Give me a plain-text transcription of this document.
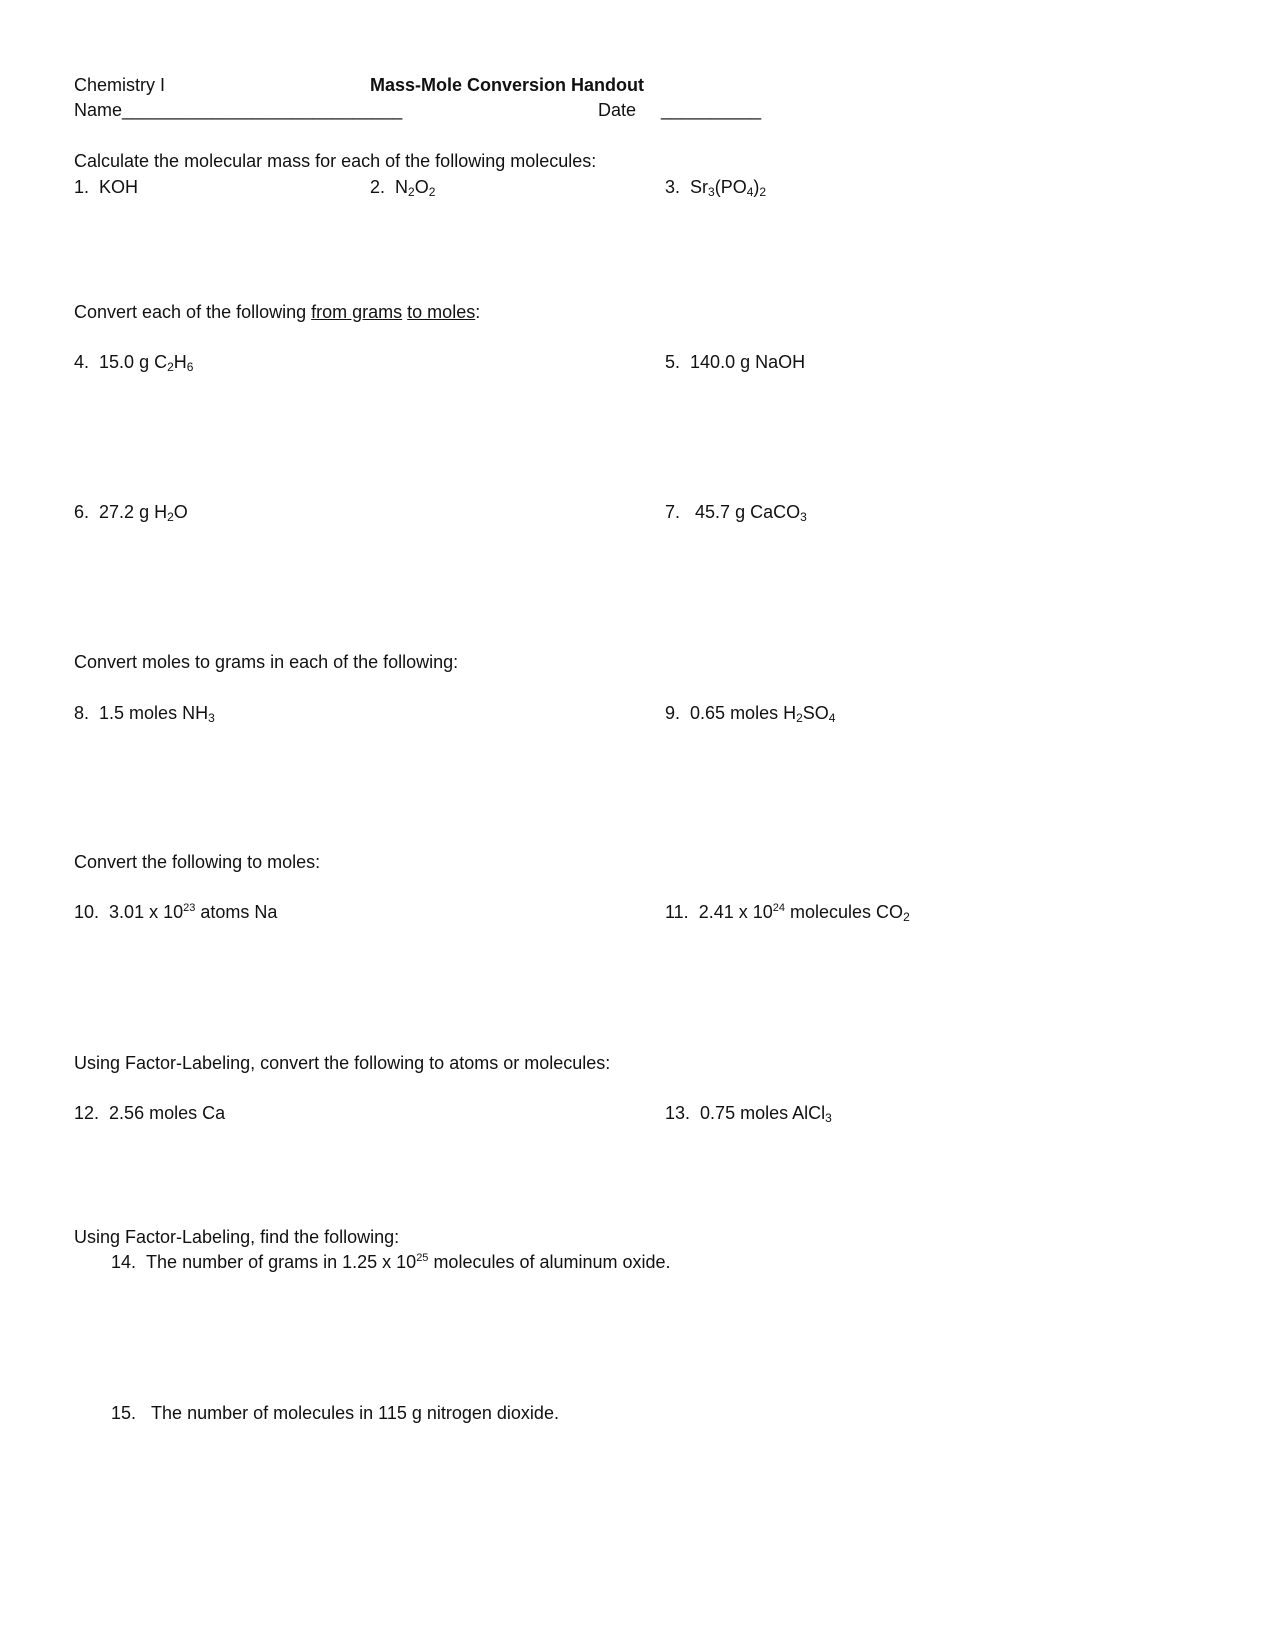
Chemistry I	Mass-Mole Conversion Handout
Name____________________________	Date __________
Calculate the molecular mass for each of the following molecules:
1. KOH	2. $N_2O_2$	3. $Sr_3(PO_4)_2$
Convert each of the following from grams to moles:
4. 15.0 g $C_2H_6$	5. 140.0 g NaOH
6. 27.2 g $H_2O$	7. 45.7 g CaCO$_3$
Convert moles to grams in each of the following:
8. 1.5 moles $NH_3$	9. 0.65 moles $H_2SO_4$
Convert the following to moles:
10. 3.01 x $10^{23}$ atoms Na	11. 2.41 x $10^{24}$ molecules $CO_2$
Using Factor-Labeling, convert the following to atoms or molecules:
12. 2.56 moles Ca	13. 0.75 moles AlCl$_3$
Using Factor-Labeling, find the following:
14. The number of grams in 1.25 x $10^{25}$ molecules of aluminum oxide.
15. The number of molecules in 115 g nitrogen dioxide.
